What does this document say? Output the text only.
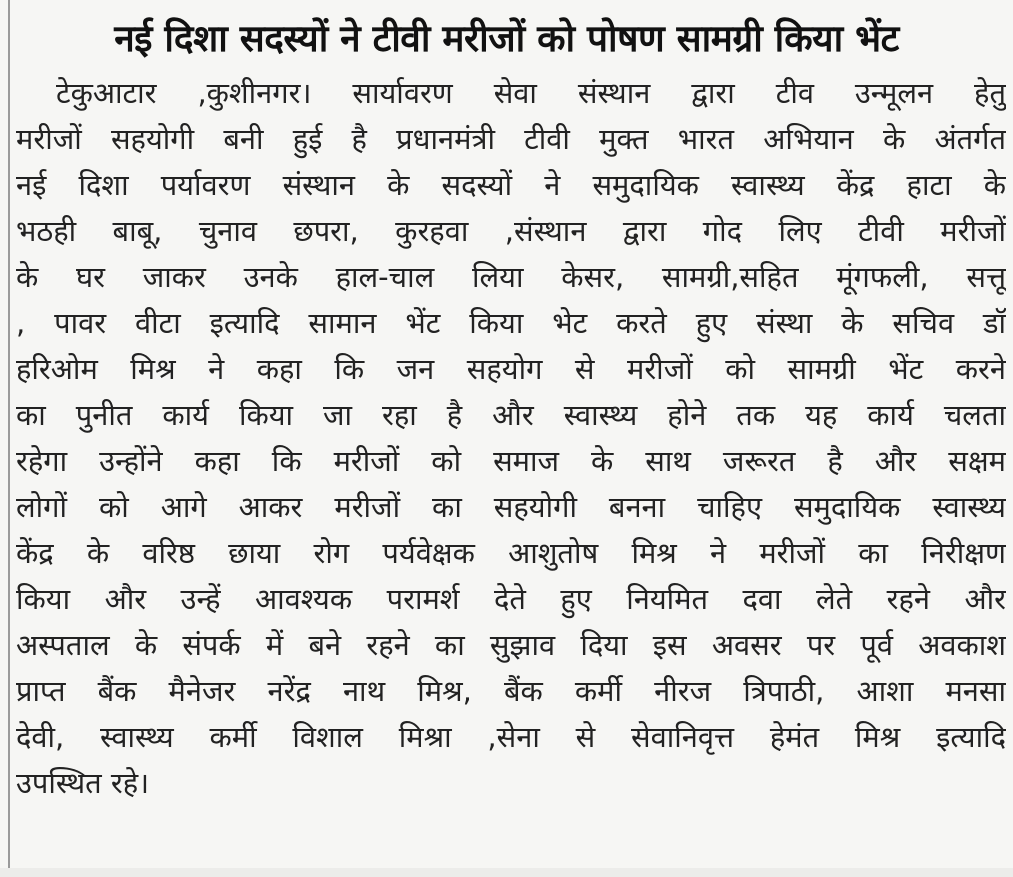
नई दिशा सदस्यों ने टीवी मरीजों को पोषण सामग्री किया भेंट
टेकुआटार ,कुशीनगर। सार्यावरण सेवा संस्थान द्वारा टीव उन्मूलन हेतु
मरीजों सहयोगी बनी हुई है प्रधानमंत्री टीवी मुक्त भारत अभियान के अंतर्गत
नई दिशा पर्यावरण संस्थान के सदस्यों ने समुदायिक स्वास्थ्य केंद्र हाटा के
भठही बाबू, चुनाव छपरा, कुरहवा ,संस्थान द्वारा गोद लिए टीवी मरीजों
के घर जाकर उनके हाल-चाल लिया केसर, सामग्री,सहित मूंगफली, सत्तू
, पावर वीटा इत्यादि सामान भेंट किया भेट करते हुए संस्था के सचिव डॉ
हरिओम मिश्र ने कहा कि जन सहयोग से मरीजों को सामग्री भेंट करने
का पुनीत कार्य किया जा रहा है और स्वास्थ्य होने तक यह कार्य चलता
रहेगा उन्होंने कहा कि मरीजों को समाज के साथ जरूरत है और सक्षम
लोगों को आगे आकर मरीजों का सहयोगी बनना चाहिए समुदायिक स्वास्थ्य
केंद्र के वरिष्ठ छाया रोग पर्यवेक्षक आशुतोष मिश्र ने मरीजों का निरीक्षण
किया और उन्हें आवश्यक परामर्श देते हुए नियमित दवा लेते रहने और
अस्पताल के संपर्क में बने रहने का सुझाव दिया इस अवसर पर पूर्व अवकाश
प्राप्त बैंक मैनेजर नरेंद्र नाथ मिश्र, बैंक कर्मी नीरज त्रिपाठी, आशा मनसा
देवी, स्वास्थ्य कर्मी विशाल मिश्रा ,सेना से सेवानिवृत्त हेमंत मिश्र इत्यादि
उपस्थित रहे।
